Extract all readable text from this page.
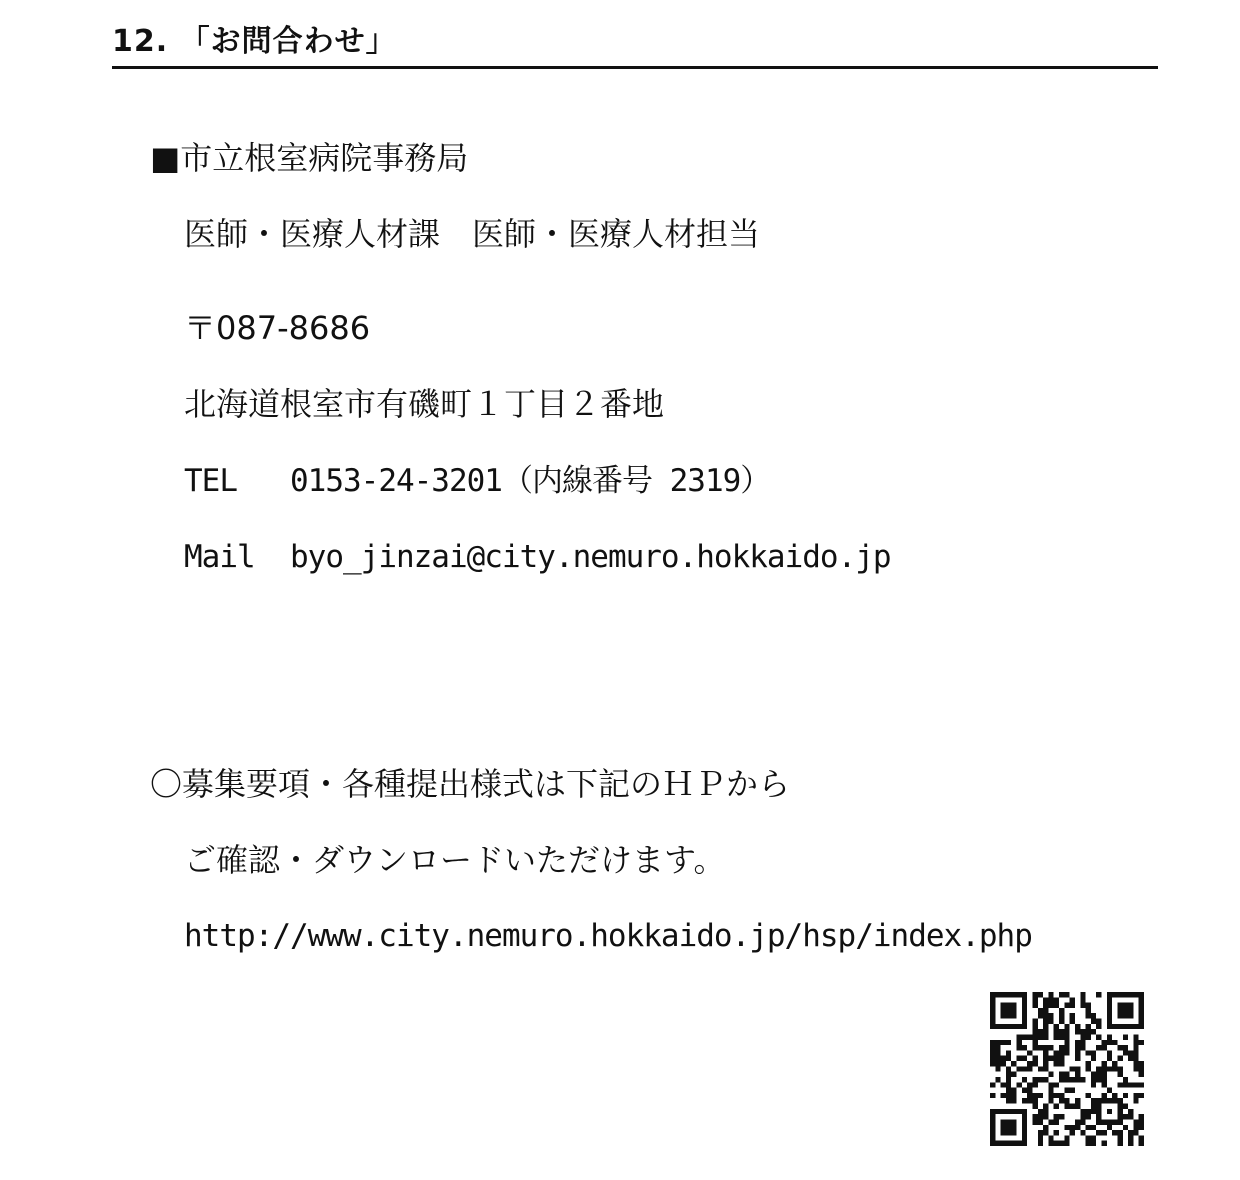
12. 「お問合わせ」
■市立根室病院事務局
医師・医療人材課　医師・医療人材担当
〒087-8686
北海道根室市有磯町１丁目２番地
TEL 0153-24-3201（内線番号 2319）
Mail byo_jinzai@city.nemuro.hokkaido.jp
〇募集要項・各種提出様式は下記のＨＰから
ご確認・ダウンロードいただけます。
http://www.city.nemuro.hokkaido.jp/hsp/index.php
